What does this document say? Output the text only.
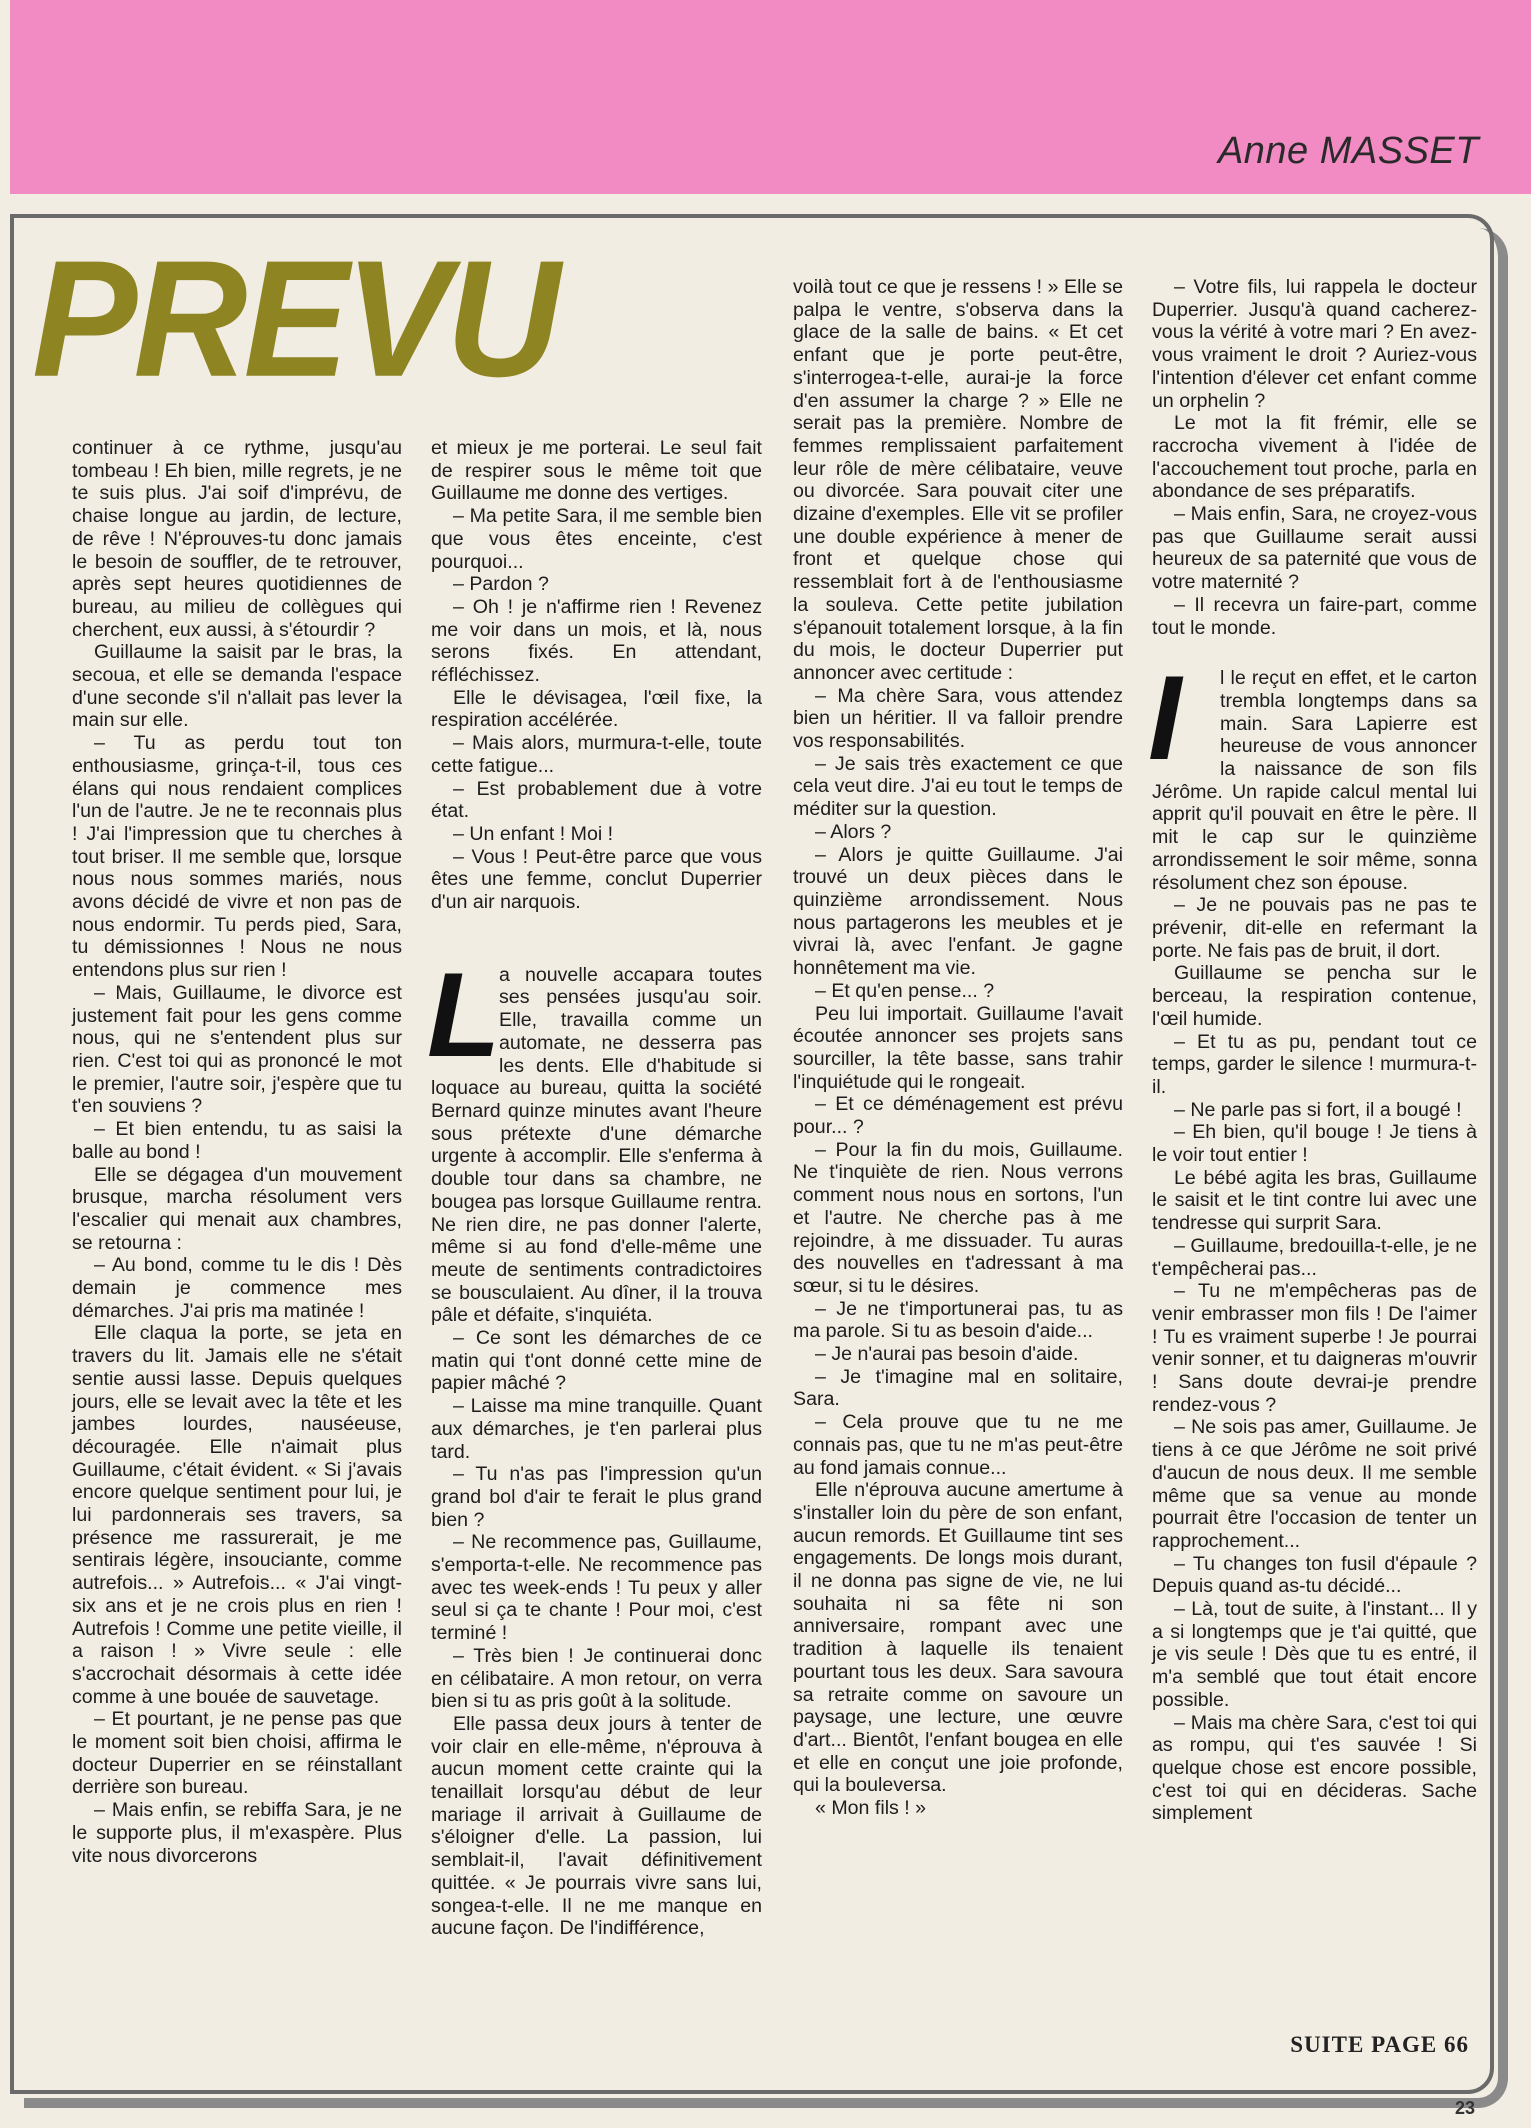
Anne MASSET
PREVU

continuer à ce rythme, jusqu'au tombeau ! Eh bien, mille regrets, je ne te suis plus. J'ai soif d'imprévu, de chaise longue au jardin, de lecture, de rêve ! N'éprouves-tu donc jamais le besoin de souffler, de te retrouver, après sept heures quotidiennes de bureau, au milieu de collègues qui cherchent, eux aussi, à s'étourdir ?

Guillaume la saisit par le bras, la secoua, et elle se demanda l'espace d'une seconde s'il n'allait pas lever la main sur elle.

– Tu as perdu tout ton enthousiasme, grinça-t-il, tous ces élans qui nous rendaient complices l'un de l'autre. Je ne te reconnais plus ! J'ai l'impression que tu cherches à tout briser. Il me semble que, lorsque nous nous sommes mariés, nous avons décidé de vivre et non pas de nous endormir. Tu perds pied, Sara, tu démissionnes ! Nous ne nous entendons plus sur rien !

– Mais, Guillaume, le divorce est justement fait pour les gens comme nous, qui ne s'entendent plus sur rien. C'est toi qui as prononcé le mot le premier, l'autre soir, j'espère que tu t'en souviens ?

– Et bien entendu, tu as saisi la balle au bond !

Elle se dégagea d'un mouvement brusque, marcha résolument vers l'escalier qui menait aux chambres, se retourna :

– Au bond, comme tu le dis ! Dès demain je commence mes démarches. J'ai pris ma matinée !

Elle claqua la porte, se jeta en travers du lit. Jamais elle ne s'était sentie aussi lasse. Depuis quelques jours, elle se levait avec la tête et les jambes lourdes, nauséeuse, découragée. Elle n'aimait plus Guillaume, c'était évident. « Si j'avais encore quelque sentiment pour lui, je lui pardonnerais ses travers, sa présence me rassurerait, je me sentirais légère, insouciante, comme autrefois... » Autrefois... « J'ai vingt-six ans et je ne crois plus en rien ! Autrefois ! Comme une petite vieille, il a raison ! » Vivre seule : elle s'accrochait désormais à cette idée comme à une bouée de sauvetage.

– Et pourtant, je ne pense pas que le moment soit bien choisi, affirma le docteur Duperrier en se réinstallant derrière son bureau.

– Mais enfin, se rebiffa Sara, je ne le supporte plus, il m'exaspère. Plus vite nous divorcerons

et mieux je me porterai. Le seul fait de respirer sous le même toit que Guillaume me donne des vertiges.

– Ma petite Sara, il me semble bien que vous êtes enceinte, c'est pourquoi...

– Pardon ?

– Oh ! je n'affirme rien ! Revenez me voir dans un mois, et là, nous serons fixés. En attendant, réfléchissez.

Elle le dévisagea, l'œil fixe, la respiration accélérée.

– Mais alors, murmura-t-elle, toute cette fatigue...

– Est probablement due à votre état.

– Un enfant ! Moi !

– Vous ! Peut-être parce que vous êtes une femme, conclut Duperrier d'un air narquois.

L

a nouvelle accapara toutes ses pensées jusqu'au soir. Elle, travailla comme un automate, ne desserra pas les dents. Elle d'habitude si loquace au bureau, quitta la société Bernard quinze minutes avant l'heure sous prétexte d'une démarche urgente à accomplir. Elle s'enferma à double tour dans sa chambre, ne bougea pas lorsque Guillaume rentra. Ne rien dire, ne pas donner l'alerte, même si au fond d'elle-même une meute de sentiments contradictoires se bousculaient. Au dîner, il la trouva pâle et défaite, s'inquiéta.

– Ce sont les démarches de ce matin qui t'ont donné cette mine de papier mâché ?

– Laisse ma mine tranquille. Quant aux démarches, je t'en parlerai plus tard.

– Tu n'as pas l'impression qu'un grand bol d'air te ferait le plus grand bien ?

– Ne recommence pas, Guillaume, s'emporta-t-elle. Ne recommence pas avec tes week-ends ! Tu peux y aller seul si ça te chante ! Pour moi, c'est terminé !

– Très bien ! Je continuerai donc en célibataire. A mon retour, on verra bien si tu as pris goût à la solitude.

Elle passa deux jours à tenter de voir clair en elle-même, n'éprouva à aucun moment cette crainte qui la tenaillait lorsqu'au début de leur mariage il arrivait à Guillaume de s'éloigner d'elle. La passion, lui semblait-il, l'avait définitivement quittée. « Je pourrais vivre sans lui, songea-t-elle. Il ne me manque en aucune façon. De l'indifférence,

voilà tout ce que je ressens ! » Elle se palpa le ventre, s'observa dans la glace de la salle de bains. « Et cet enfant que je porte peut-être, s'interrogea-t-elle, aurai-je la force d'en assumer la charge ? » Elle ne serait pas la première. Nombre de femmes remplissaient parfaitement leur rôle de mère célibataire, veuve ou divorcée. Sara pouvait citer une dizaine d'exemples. Elle vit se profiler une double expérience à mener de front et quelque chose qui ressemblait fort à de l'enthousiasme la souleva. Cette petite jubilation s'épanouit totalement lorsque, à la fin du mois, le docteur Duperrier put annoncer avec certitude :

– Ma chère Sara, vous attendez bien un héritier. Il va falloir prendre vos responsabilités.

– Je sais très exactement ce que cela veut dire. J'ai eu tout le temps de méditer sur la question.

– Alors ?

– Alors je quitte Guillaume. J'ai trouvé un deux pièces dans le quinzième arrondissement. Nous nous partagerons les meubles et je vivrai là, avec l'enfant. Je gagne honnêtement ma vie.

– Et qu'en pense... ?

Peu lui importait. Guillaume l'avait écoutée annoncer ses projets sans sourciller, la tête basse, sans trahir l'inquiétude qui le rongeait.

– Et ce déménagement est prévu pour... ?

– Pour la fin du mois, Guillaume. Ne t'inquiète de rien. Nous verrons comment nous nous en sortons, l'un et l'autre. Ne cherche pas à me rejoindre, à me dissuader. Tu auras des nouvelles en t'adressant à ma sœur, si tu le désires.

– Je ne t'importunerai pas, tu as ma parole. Si tu as besoin d'aide...

– Je n'aurai pas besoin d'aide.

– Je t'imagine mal en solitaire, Sara.

– Cela prouve que tu ne me connais pas, que tu ne m'as peut-être au fond jamais connue...

Elle n'éprouva aucune amertume à s'installer loin du père de son enfant, aucun remords. Et Guillaume tint ses engagements. De longs mois durant, il ne donna pas signe de vie, ne lui souhaita ni sa fête ni son anniversaire, rompant avec une tradition à laquelle ils tenaient pourtant tous les deux. Sara savoura sa retraite comme on savoure un paysage, une lecture, une œuvre d'art... Bientôt, l'enfant bougea en elle et elle en conçut une joie profonde, qui la bouleversa.

« Mon fils ! »

– Votre fils, lui rappela le docteur Duperrier. Jusqu'à quand cacherez-vous la vérité à votre mari ? En avez-vous vraiment le droit ? Auriez-vous l'intention d'élever cet enfant comme un orphelin ?

Le mot la fit frémir, elle se raccrocha vivement à l'idée de l'accouchement tout proche, parla en abondance de ses préparatifs.

– Mais enfin, Sara, ne croyez-vous pas que Guillaume serait aussi heureux de sa paternité que vous de votre maternité ?

– Il recevra un faire-part, comme tout le monde.

I	l le reçut en effet, et le carton trembla longtemps dans sa main. Sara Lapierre est heureuse de vous annoncer la naissance de son fils Jérôme. Un rapide calcul mental lui apprit qu'il pouvait en être le père. Il mit le cap sur le quinzième arrondissement le soir même, sonna résolument chez son épouse.

– Je ne pouvais pas ne pas te prévenir, dit-elle en refermant la porte. Ne fais pas de bruit, il dort.

Guillaume se pencha sur le berceau, la respiration contenue, l'œil humide.

– Et tu as pu, pendant tout ce temps, garder le silence ! murmura-t-il.

– Ne parle pas si fort, il a bougé !

– Eh bien, qu'il bouge ! Je tiens à le voir tout entier !

Le bébé agita les bras, Guillaume le saisit et le tint contre lui avec une tendresse qui surprit Sara.

– Guillaume, bredouilla-t-elle, je ne t'empêcherai pas...

– Tu ne m'empêcheras pas de venir embrasser mon fils ! De l'aimer ! Tu es vraiment superbe ! Je pourrai venir sonner, et tu daigneras m'ouvrir ! Sans doute devrai-je prendre rendez-vous ?

– Ne sois pas amer, Guillaume. Je tiens à ce que Jérôme ne soit privé d'aucun de nous deux. Il me semble même que sa venue au monde pourrait être l'occasion de tenter un rapprochement...

– Tu changes ton fusil d'épaule ? Depuis quand as-tu décidé...

– Là, tout de suite, à l'instant... Il y a si longtemps que je t'ai quitté, que je vis seule ! Dès que tu es entré, il m'a semblé que tout était encore possible.

– Mais ma chère Sara, c'est toi qui as rompu, qui t'es sauvée ! Si quelque chose est encore possible, c'est toi qui en décideras. Sache simplement

SUITE PAGE 66
23
